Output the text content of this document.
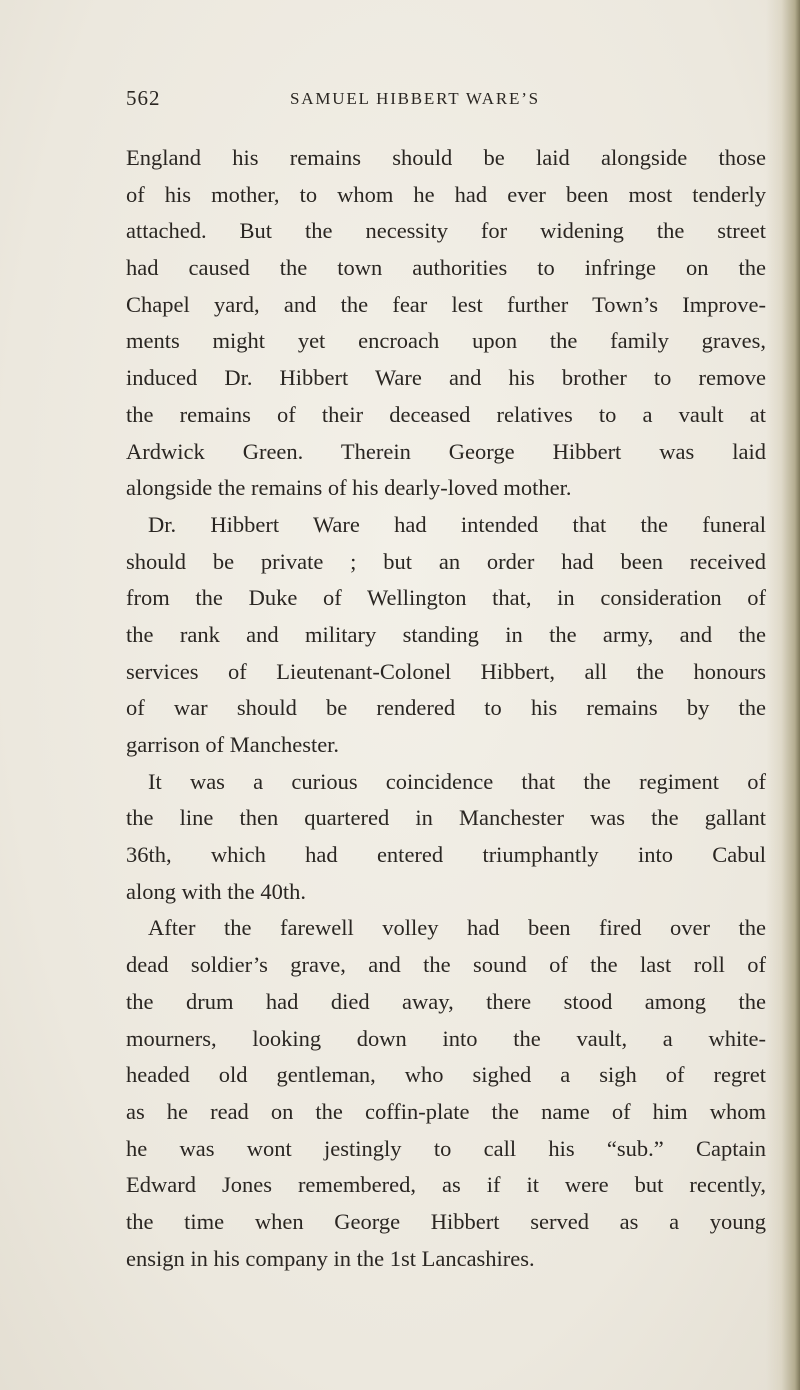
562	SAMUEL HIBBERT WARE’S
England his remains should be laid alongside those
of his mother, to whom he had ever been most tenderly
attached. But the necessity for widening the street
had caused the town authorities to infringe on the
Chapel yard, and the fear lest further Town’s Improve-
ments might yet encroach upon the family graves,
induced Dr. Hibbert Ware and his brother to remove
the remains of their deceased relatives to a vault at
Ardwick Green. Therein George Hibbert was laid
alongside the remains of his dearly-loved mother.
Dr. Hibbert Ware had intended that the funeral
should be private ; but an order had been received
from the Duke of Wellington that, in consideration of
the rank and military standing in the army, and the
services of Lieutenant-Colonel Hibbert, all the honours
of war should be rendered to his remains by the
garrison of Manchester.
It was a curious coincidence that the regiment of
the line then quartered in Manchester was the gallant
36th, which had entered triumphantly into Cabul
along with the 40th.
After the farewell volley had been fired over the
dead soldier’s grave, and the sound of the last roll of
the drum had died away, there stood among the
mourners, looking down into the vault, a white-
headed old gentleman, who sighed a sigh of regret
as he read on the coffin-plate the name of him whom
he was wont jestingly to call his “sub.” Captain
Edward Jones remembered, as if it were but recently,
the time when George Hibbert served as a young
ensign in his company in the 1st Lancashires.
